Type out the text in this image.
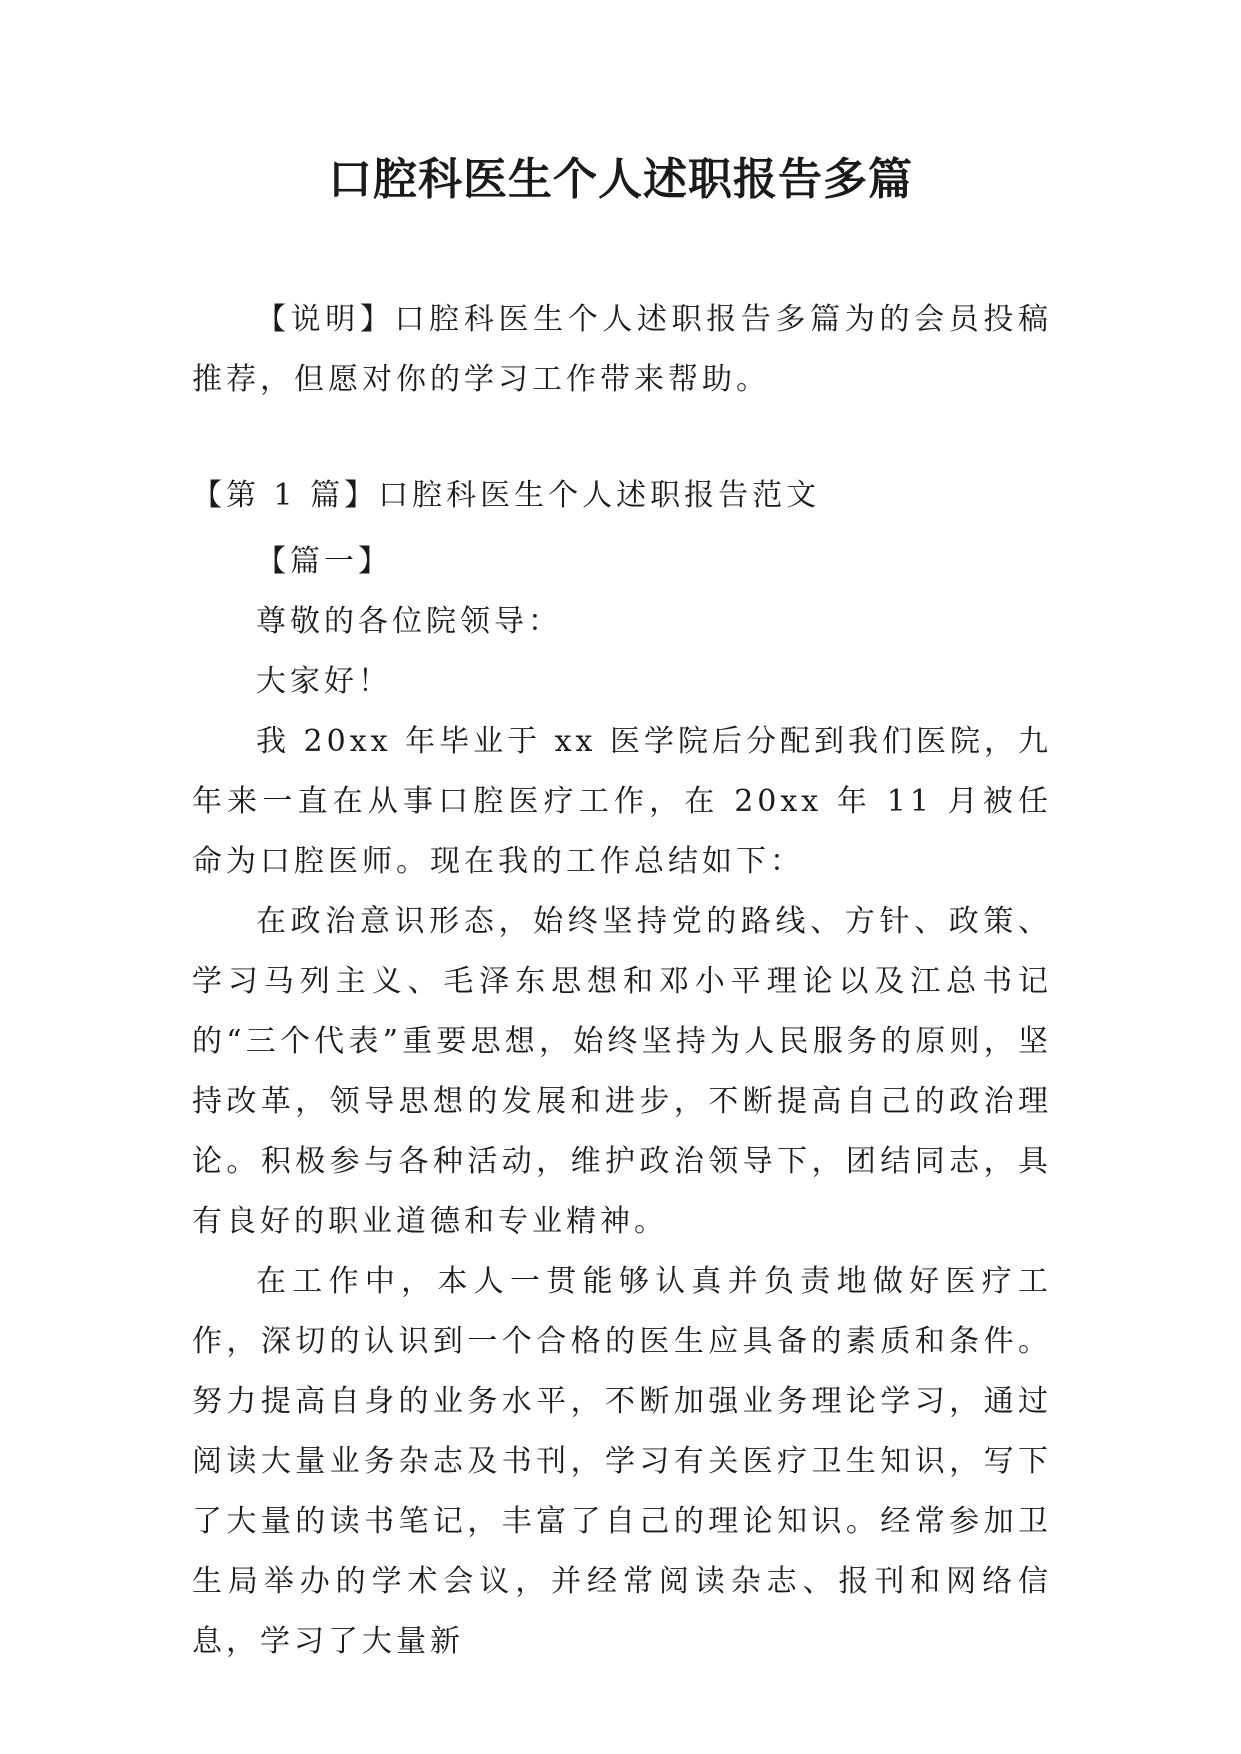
口腔科医生个人述职报告多篇

【说明】口腔科医生个人述职报告多篇为的会员投稿推荐，但愿对你的学习工作带来帮助。

【第 1 篇】口腔科医生个人述职报告范文

【篇一】

尊敬的各位院领导：

大家好！

我 20xx 年毕业于 xx 医学院后分配到我们医院，九年来一直在从事口腔医疗工作，在 20xx 年 11 月被任命为口腔医师。现在我的工作总结如下：

在政治意识形态，始终坚持党的路线、方针、政策、学习马列主义、毛泽东思想和邓小平理论以及江总书记的“三个代表”重要思想，始终坚持为人民服务的原则，坚持改革，领导思想的发展和进步，不断提高自己的政治理论。积极参与各种活动，维护政治领导下，团结同志，具有良好的职业道德和专业精神。

在工作中，本人一贯能够认真并负责地做好医疗工作，深切的认识到一个合格的医生应具备的素质和条件。努力提高自身的业务水平，不断加强业务理论学习，通过阅读大量业务杂志及书刊，学习有关医疗卫生知识，写下了大量的读书笔记，丰富了自己的理论知识。经常参加卫生局举办的学术会议，并经常阅读杂志、报刊和网络信息，学习了大量新
